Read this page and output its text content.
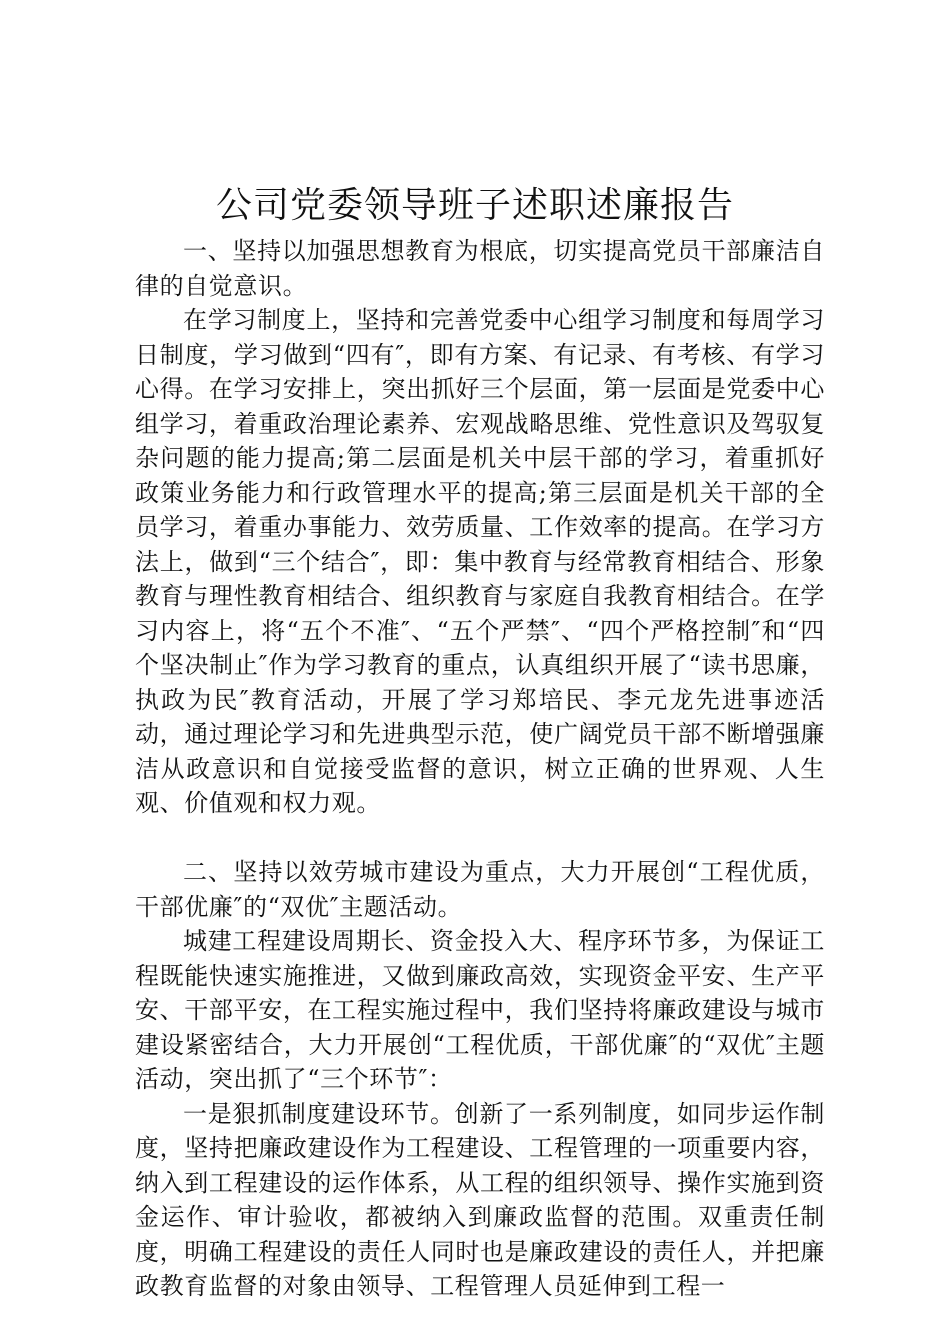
公司党委领导班子述职述廉报告

一、坚持以加强思想教育为根底，切实提高党员干部廉洁自律的自觉意识。

在学习制度上，坚持和完善党委中心组学习制度和每周学习日制度，学习做到“四有″，即有方案、有记录、有考核、有学习心得。在学习安排上，突出抓好三个层面，第一层面是党委中心组学习，着重政治理论素养、宏观战略思维、党性意识及驾驭复杂问题的能力提高;第二层面是机关中层干部的学习，着重抓好政策业务能力和行政管理水平的提高;第三层面是机关干部的全员学习，着重办事能力、效劳质量、工作效率的提高。在学习方法上，做到“三个结合″，即：集中教育与经常教育相结合、形象教育与理性教育相结合、组织教育与家庭自我教育相结合。在学习内容上，将“五个不准″、“五个严禁″、“四个严格控制″和“四个坚决制止″作为学习教育的重点，认真组织开展了“读书思廉，执政为民″教育活动，开展了学习郑培民、李元龙先进事迹活动，通过理论学习和先进典型示范，使广阔党员干部不断增强廉洁从政意识和自觉接受监督的意识，树立正确的世界观、人生观、价值观和权力观。

二、坚持以效劳城市建设为重点，大力开展创“工程优质，干部优廉″的“双优″主题活动。

城建工程建设周期长、资金投入大、程序环节多，为保证工程既能快速实施推进，又做到廉政高效，实现资金平安、生产平安、干部平安，在工程实施过程中，我们坚持将廉政建设与城市建设紧密结合，大力开展创“工程优质，干部优廉″的“双优″主题活动，突出抓了“三个环节″：

一是狠抓制度建设环节。创新了一系列制度，如同步运作制度，坚持把廉政建设作为工程建设、工程管理的一项重要内容，纳入到工程建设的运作体系，从工程的组织领导、操作实施到资金运作、审计验收，都被纳入到廉政监督的范围。双重责任制度，明确工程建设的责任人同时也是廉政建设的责任人，并把廉政教育监督的对象由领导、工程管理人员延伸到工程一
